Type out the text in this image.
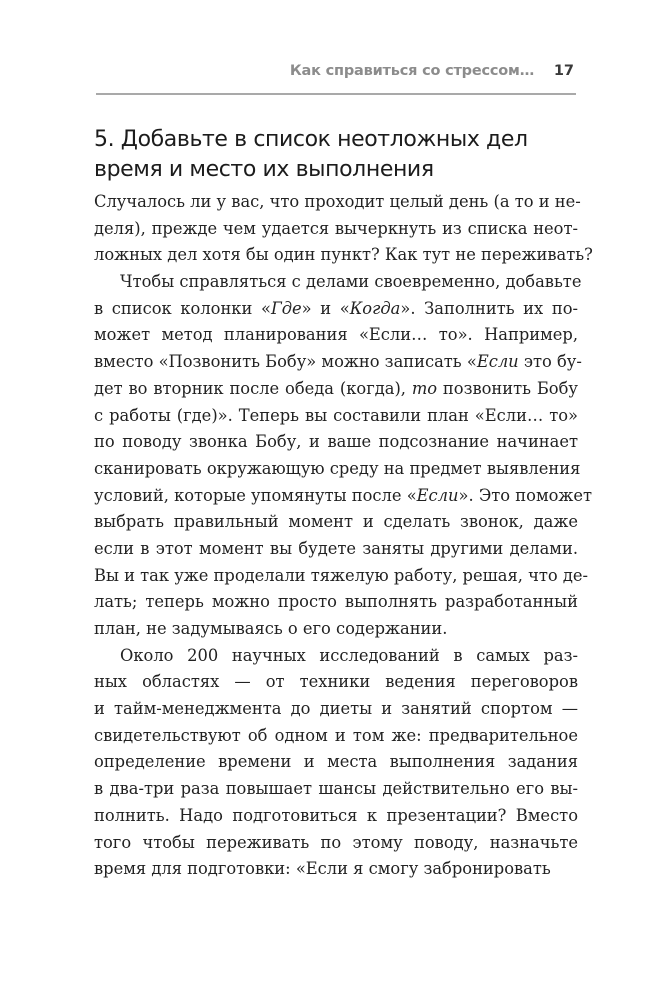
Как справиться со стрессом… 17
5. Добавьте в список неотложных дел
время и место их выполнения
Случалось ли у вас, что проходит целый день (а то и не-
деля), прежде чем удается вычеркнуть из списка неот-
ложных дел хотя бы один пункт? Как тут не переживать?
Чтобы справляться с делами своевременно, добавьте
в список колонки «Где» и «Когда». Заполнить их по-
может метод планирования «Если… то». Например,
вместо «Позвонить Бобу» можно записать «Если это бу-
дет во вторник после обеда (когда), то позвонить Бобу
с работы (где)». Теперь вы составили план «Если… то»
по поводу звонка Бобу, и ваше подсознание начинает
сканировать окружающую среду на предмет выявления
условий, которые упомянуты после «Если». Это поможет
выбрать правильный момент и сделать звонок, даже
если в этот момент вы будете заняты другими делами.
Вы и так уже проделали тяжелую работу, решая, что де-
лать; теперь можно просто выполнять разработанный
план, не задумываясь о его содержании.
Около 200 научных исследований в самых раз-
ных областях — от техники ведения переговоров
и тайм-менеджмента до диеты и занятий спортом —
свидетельствуют об одном и том же: предварительное
определение времени и места выполнения задания
в два-три раза повышает шансы действительно его вы-
полнить. Надо подготовиться к презентации? Вместо
того чтобы переживать по этому поводу, назначьте
время для подготовки: «Если я смогу забронировать
